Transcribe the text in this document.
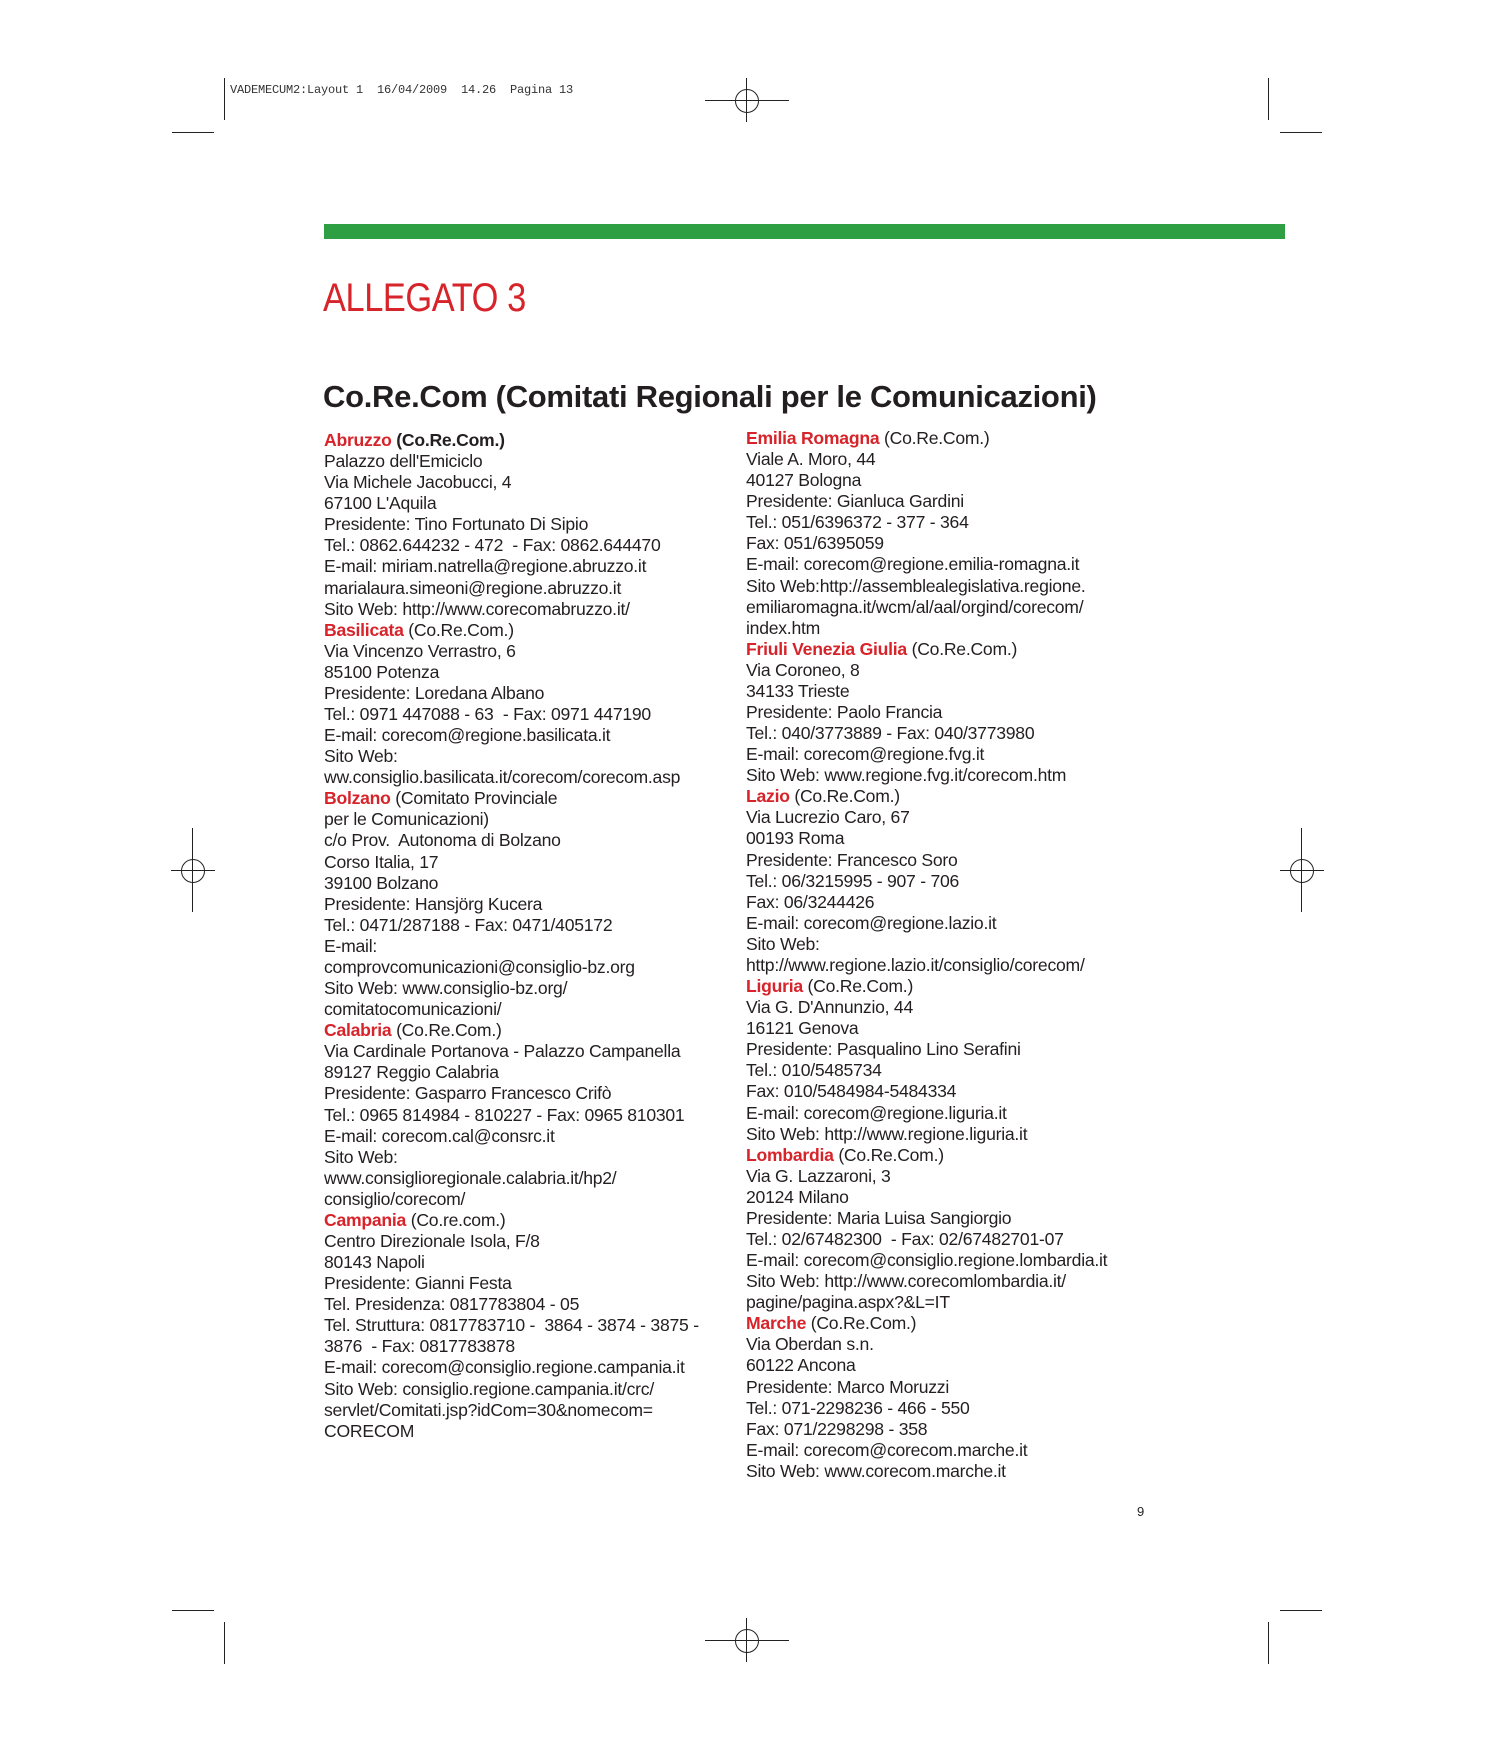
VADEMECUM2:Layout 1  16/04/2009  14.26  Pagina 13
ALLEGATO 3
Co.Re.Com (Comitati Regionali per le Comunicazioni)
Abruzzo (Co.Re.Com.)
Palazzo dell'Emiciclo
Via Michele Jacobucci, 4
67100 L'Aquila
Presidente: Tino Fortunato Di Sipio
Tel.: 0862.644232 - 472  - Fax: 0862.644470
E-mail: miriam.natrella@regione.abruzzo.it
marialaura.simeoni@regione.abruzzo.it
Sito Web: http://www.corecomabruzzo.it/
Basilicata (Co.Re.Com.)
Via Vincenzo Verrastro, 6
85100 Potenza
Presidente: Loredana Albano
Tel.: 0971 447088 - 63  - Fax: 0971 447190
E-mail: corecom@regione.basilicata.it
Sito Web:
ww.consiglio.basilicata.it/corecom/corecom.asp
Bolzano (Comitato Provinciale
per le Comunicazioni)
c/o Prov.  Autonoma di Bolzano
Corso Italia, 17
39100 Bolzano
Presidente: Hansjörg Kucera
Tel.: 0471/287188 - Fax: 0471/405172
E-mail:
comprovcomunicazioni@consiglio-bz.org
Sito Web: www.consiglio-bz.org/
comitatocomunicazioni/
Calabria (Co.Re.Com.)
Via Cardinale Portanova - Palazzo Campanella
89127 Reggio Calabria
Presidente: Gasparro Francesco Crifò
Tel.: 0965 814984 - 810227 - Fax: 0965 810301
E-mail: corecom.cal@consrc.it
Sito Web:
www.consiglioregionale.calabria.it/hp2/
consiglio/corecom/
Campania (Co.re.com.)
Centro Direzionale Isola, F/8
80143 Napoli
Presidente: Gianni Festa
Tel. Presidenza: 0817783804 - 05
Tel. Struttura: 0817783710 -  3864 - 3874 - 3875 -
3876  - Fax: 0817783878
E-mail: corecom@consiglio.regione.campania.it
Sito Web: consiglio.regione.campania.it/crc/
servlet/Comitati.jsp?idCom=30&nomecom=
CORECOM
Emilia Romagna (Co.Re.Com.)
Viale A. Moro, 44
40127 Bologna
Presidente: Gianluca Gardini
Tel.: 051/6396372 - 377 - 364
Fax: 051/6395059
E-mail: corecom@regione.emilia-romagna.it
Sito Web:http://assemblealegislativa.regione.
emiliaromagna.it/wcm/al/aal/orgind/corecom/
index.htm
Friuli Venezia Giulia (Co.Re.Com.)
Via Coroneo, 8
34133 Trieste
Presidente: Paolo Francia
Tel.: 040/3773889 - Fax: 040/3773980
E-mail: corecom@regione.fvg.it
Sito Web: www.regione.fvg.it/corecom.htm
Lazio (Co.Re.Com.)
Via Lucrezio Caro, 67
00193 Roma
Presidente: Francesco Soro
Tel.: 06/3215995 - 907 - 706
Fax: 06/3244426
E-mail: corecom@regione.lazio.it
Sito Web:
http://www.regione.lazio.it/consiglio/corecom/
Liguria (Co.Re.Com.)
Via G. D'Annunzio, 44
16121 Genova
Presidente: Pasqualino Lino Serafini
Tel.: 010/5485734
Fax: 010/5484984-5484334
E-mail: corecom@regione.liguria.it
Sito Web: http://www.regione.liguria.it
Lombardia (Co.Re.Com.)
Via G. Lazzaroni, 3
20124 Milano
Presidente: Maria Luisa Sangiorgio
Tel.: 02/67482300  - Fax: 02/67482701-07
E-mail: corecom@consiglio.regione.lombardia.it
Sito Web: http://www.corecomlombardia.it/
pagine/pagina.aspx?&L=IT
Marche (Co.Re.Com.)
Via Oberdan s.n.
60122 Ancona
Presidente: Marco Moruzzi
Tel.: 071-2298236 - 466 - 550
Fax: 071/2298298 - 358
E-mail: corecom@corecom.marche.it
Sito Web: www.corecom.marche.it
9
